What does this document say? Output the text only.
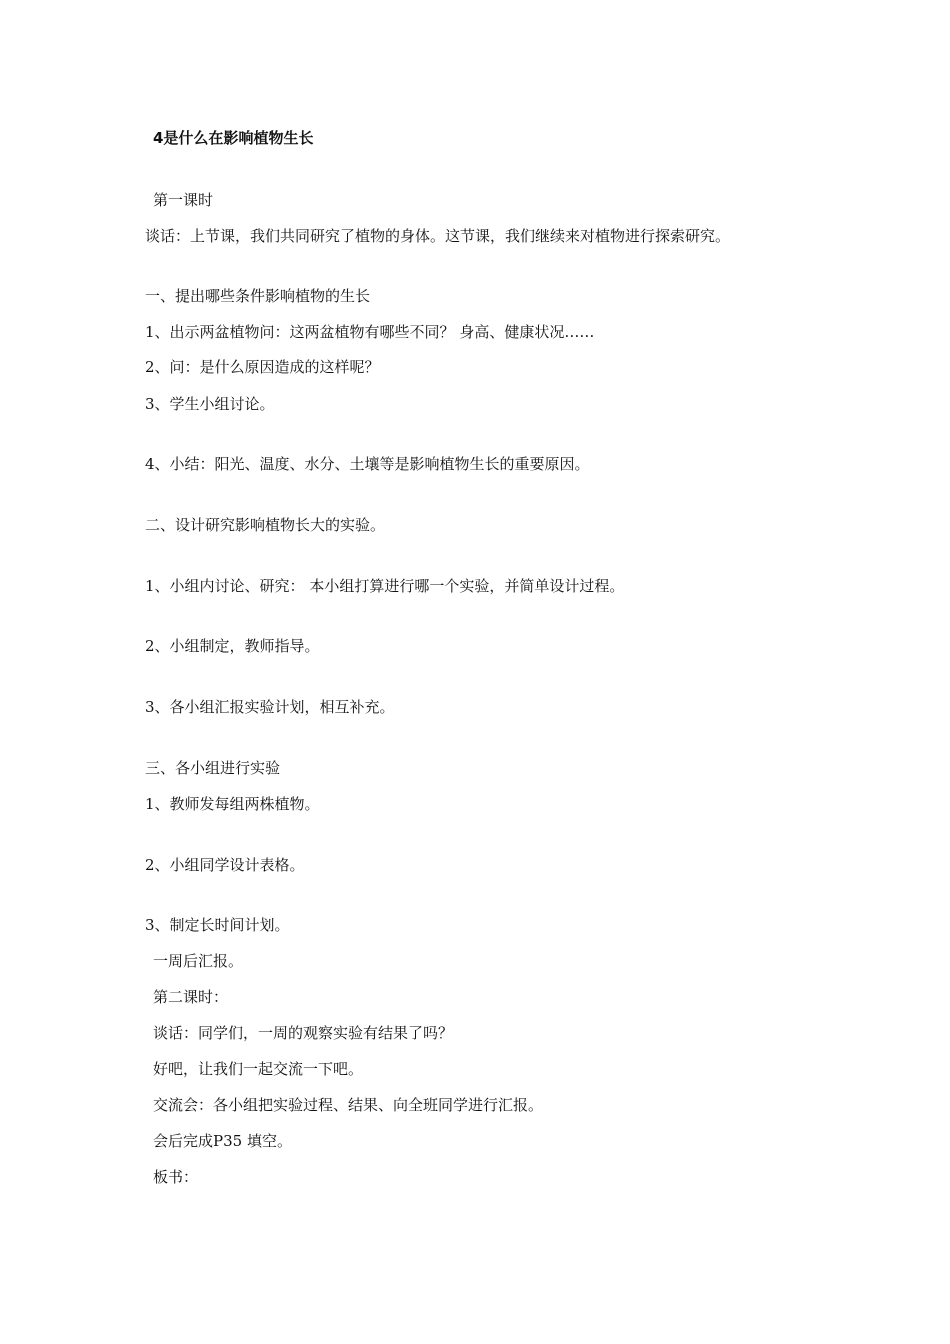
4是什么在影响植物生长
第一课时
谈话：上节课，我们共同研究了植物的身体。这节课，我们继续来对植物进行探索研究。
一、提出哪些条件影响植物的生长
1、出示两盆植物问：这两盆植物有哪些不同？ 身高、健康状况……
2、问：是什么原因造成的这样呢？
3、学生小组讨论。
4、小结：阳光、温度、水分、土壤等是影响植物生长的重要原因。
二、设计研究影响植物长大的实验。
1、小组内讨论、研究： 本小组打算进行哪一个实验，并简单设计过程。
2、小组制定，教师指导。
3、各小组汇报实验计划，相互补充。
三、各小组进行实验
1、教师发每组两株植物。
2、小组同学设计表格。
3、制定长时间计划。
一周后汇报。
第二课时：
谈话：同学们，一周的观察实验有结果了吗？
好吧，让我们一起交流一下吧。
交流会：各小组把实验过程、结果、向全班同学进行汇报。
会后完成P35 填空。
板书：
